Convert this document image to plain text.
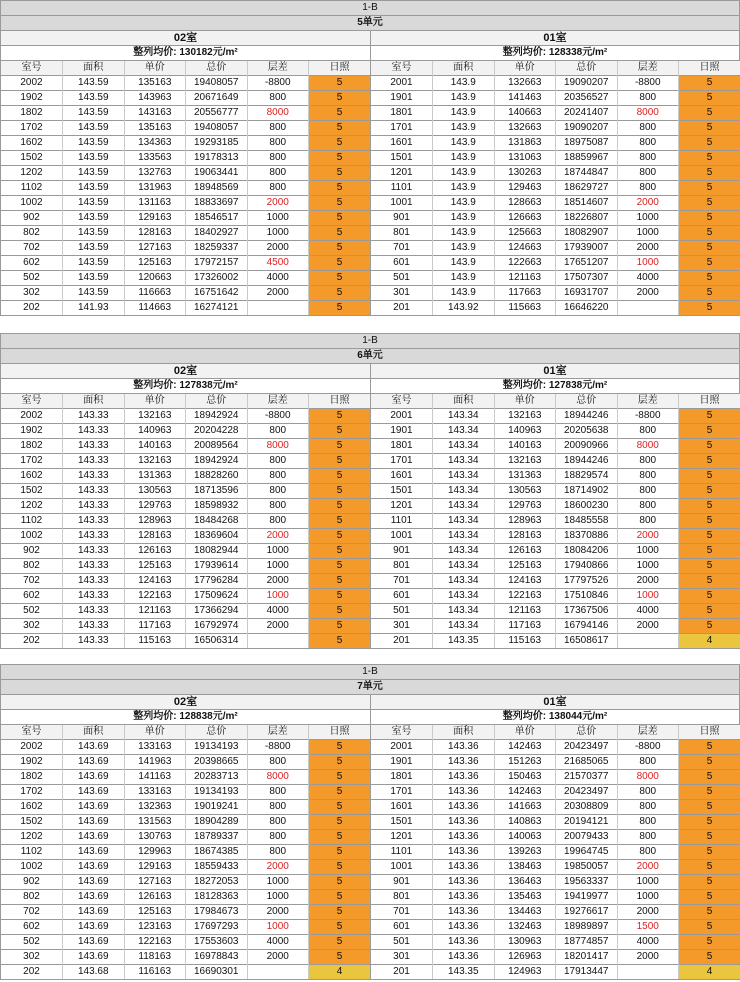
1-B
5单元
02室
整列均价: 130182元/m²
室号	面积	单价	总价	层差	日照
2002	143.59	135163	19408057	-8800	5
1902	143.59	143963	20671649	800	5
1802	143.59	143163	20556777	8000	5
1702	143.59	135163	19408057	800	5
1602	143.59	134363	19293185	800	5
1502	143.59	133563	19178313	800	5
1202	143.59	132763	19063441	800	5
1102	143.59	131963	18948569	800	5
1002	143.59	131163	18833697	2000	5
902	143.59	129163	18546517	1000	5
802	143.59	128163	18402927	1000	5
702	143.59	127163	18259337	2000	5
602	143.59	125163	17972157	4500	5
502	143.59	120663	17326002	4000	5
302	143.59	116663	16751642	2000	5
202	141.93	114663	16274121		5
01室
整列均价: 128338元/m²
室号	面积	单价	总价	层差	日照
2001	143.9	132663	19090207	-8800	5
1901	143.9	141463	20356527	800	5
1801	143.9	140663	20241407	8000	5
1701	143.9	132663	19090207	800	5
1601	143.9	131863	18975087	800	5
1501	143.9	131063	18859967	800	5
1201	143.9	130263	18744847	800	5
1101	143.9	129463	18629727	800	5
1001	143.9	128663	18514607	2000	5
901	143.9	126663	18226807	1000	5
801	143.9	125663	18082907	1000	5
701	143.9	124663	17939007	2000	5
601	143.9	122663	17651207	1000	5
501	143.9	121163	17507307	4000	5
301	143.9	117663	16931707	2000	5
201	143.92	115663	16646220		5
1-B
6单元
02室
整列均价: 127838元/m²
室号	面积	单价	总价	层差	日照
2002	143.33	132163	18942924	-8800	5
1902	143.33	140963	20204228	800	5
1802	143.33	140163	20089564	8000	5
1702	143.33	132163	18942924	800	5
1602	143.33	131363	18828260	800	5
1502	143.33	130563	18713596	800	5
1202	143.33	129763	18598932	800	5
1102	143.33	128963	18484268	800	5
1002	143.33	128163	18369604	2000	5
902	143.33	126163	18082944	1000	5
802	143.33	125163	17939614	1000	5
702	143.33	124163	17796284	2000	5
602	143.33	122163	17509624	1000	5
502	143.33	121163	17366294	4000	5
302	143.33	117163	16792974	2000	5
202	143.33	115163	16506314		5
01室
整列均价: 127838元/m²
室号	面积	单价	总价	层差	日照
2001	143.34	132163	18944246	-8800	5
1901	143.34	140963	20205638	800	5
1801	143.34	140163	20090966	8000	5
1701	143.34	132163	18944246	800	5
1601	143.34	131363	18829574	800	5
1501	143.34	130563	18714902	800	5
1201	143.34	129763	18600230	800	5
1101	143.34	128963	18485558	800	5
1001	143.34	128163	18370886	2000	5
901	143.34	126163	18084206	1000	5
801	143.34	125163	17940866	1000	5
701	143.34	124163	17797526	2000	5
601	143.34	122163	17510846	1000	5
501	143.34	121163	17367506	4000	5
301	143.34	117163	16794146	2000	5
201	143.35	115163	16508617		4
1-B
7单元
02室
整列均价: 128838元/m²
室号	面积	单价	总价	层差	日照
2002	143.69	133163	19134193	-8800	5
1902	143.69	141963	20398665	800	5
1802	143.69	141163	20283713	8000	5
1702	143.69	133163	19134193	800	5
1602	143.69	132363	19019241	800	5
1502	143.69	131563	18904289	800	5
1202	143.69	130763	18789337	800	5
1102	143.69	129963	18674385	800	5
1002	143.69	129163	18559433	2000	5
902	143.69	127163	18272053	1000	5
802	143.69	126163	18128363	1000	5
702	143.69	125163	17984673	2000	5
602	143.69	123163	17697293	1000	5
502	143.69	122163	17553603	4000	5
302	143.69	118163	16978843	2000	5
202	143.68	116163	16690301		4
01室
整列均价: 138044元/m²
室号	面积	单价	总价	层差	日照
2001	143.36	142463	20423497	-8800	5
1901	143.36	151263	21685065	800	5
1801	143.36	150463	21570377	8000	5
1701	143.36	142463	20423497	800	5
1601	143.36	141663	20308809	800	5
1501	143.36	140863	20194121	800	5
1201	143.36	140063	20079433	800	5
1101	143.36	139263	19964745	800	5
1001	143.36	138463	19850057	2000	5
901	143.36	136463	19563337	1000	5
801	143.36	135463	19419977	1000	5
701	143.36	134463	19276617	2000	5
601	143.36	132463	18989897	1500	5
501	143.36	130963	18774857	4000	5
301	143.36	126963	18201417	2000	5
201	143.35	124963	17913447		4
